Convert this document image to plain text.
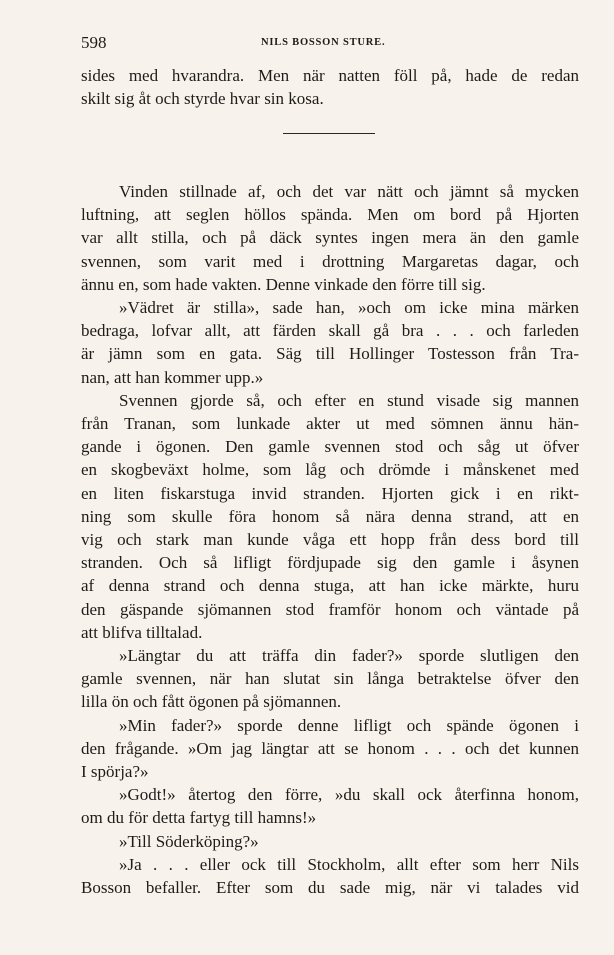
598	NILS BOSSON STURE.

sides med hvarandra. Men när natten föll på, hade de redan

skilt sig åt och styrde hvar sin kosa.

Vinden stillnade af, och det var nätt och jämnt så mycken

luftning, att seglen höllos spända. Men om bord på Hjorten

var allt stilla, och på däck syntes ingen mera än den gamle

svennen, som varit med i drottning Margaretas dagar, och

ännu en, som hade vakten. Denne vinkade den förre till sig.

»Vädret är stilla», sade han, »och om icke mina märken

bedraga, lofvar allt, att färden skall gå bra . . . och farleden

är jämn som en gata. Säg till Hollinger Tostesson från Tra-

nan, att han kommer upp.»

Svennen gjorde så, och efter en stund visade sig mannen

från Tranan, som lunkade akter ut med sömnen ännu hän-

gande i ögonen. Den gamle svennen stod och såg ut öfver

en skogbeväxt holme, som låg och drömde i månskenet med

en liten fiskarstuga invid stranden. Hjorten gick i en rikt-

ning som skulle föra honom så nära denna strand, att en

vig och stark man kunde våga ett hopp från dess bord till

stranden. Och så lifligt fördjupade sig den gamle i åsynen

af denna strand och denna stuga, att han icke märkte, huru

den gäspande sjömannen stod framför honom och väntade på

att blifva tilltalad.

»Längtar du att träffa din fader?» sporde slutligen den

gamle svennen, när han slutat sin långa betraktelse öfver den

lilla ön och fått ögonen på sjömannen.

»Min fader?» sporde denne lifligt och spände ögonen i

den frågande. »Om jag längtar att se honom . . . och det kunnen

I spörja?»

»Godt!» återtog den förre, »du skall ock återfinna honom,

om du för detta fartyg till hamns!»

»Till Söderköping?»

»Ja . . . eller ock till Stockholm, allt efter som herr Nils

Bosson befaller. Efter som du sade mig, när vi talades vid
